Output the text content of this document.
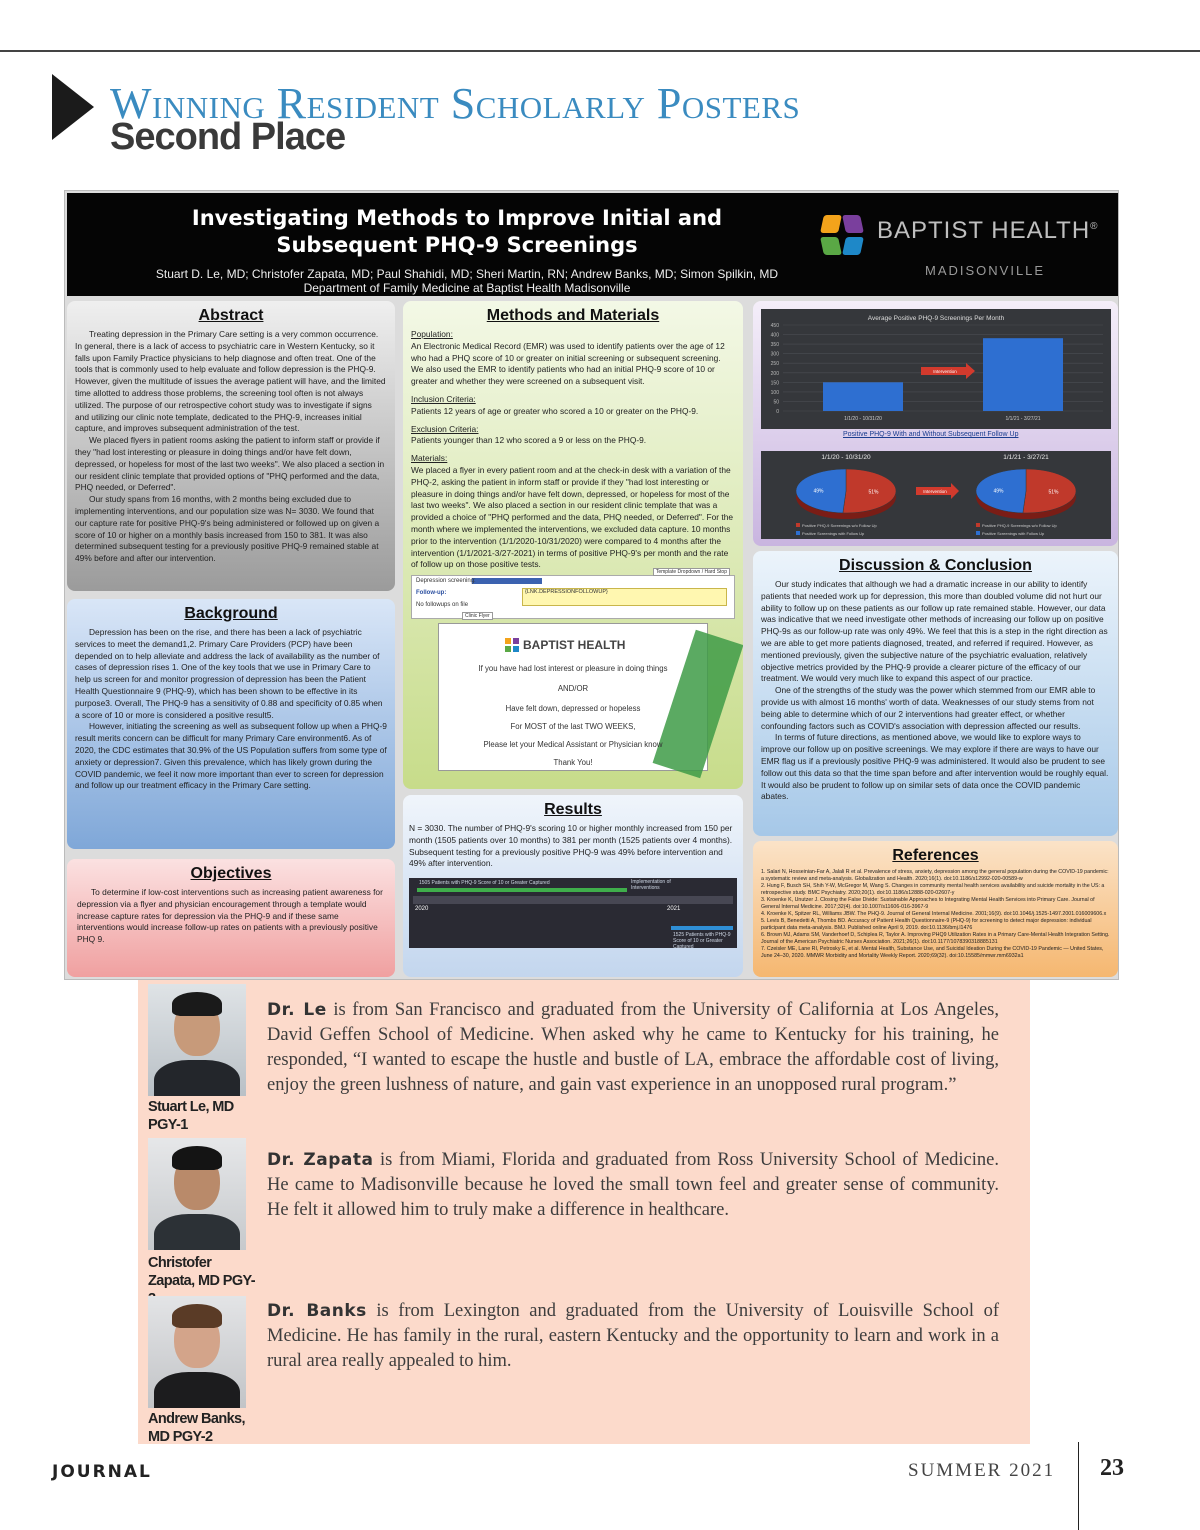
Winning Resident Scholarly Posters
Second Place
Investigating Methods to Improve Initial and Subsequent PHQ-9 Screenings
Stuart D. Le, MD; Christofer Zapata, MD; Paul Shahidi, MD; Sheri Martin, RN; Andrew Banks, MD; Simon Spilkin, MD
Department of Family Medicine at Baptist Health Madisonville
BAPTIST HEALTH®
MADISONVILLE
Abstract

Treating depression in the Primary Care setting is a very common occurrence. In general, there is a lack of access to psychiatric care in Western Kentucky, so it falls upon Family Practice physicians to help diagnose and often treat. One of the tools that is commonly used to help evaluate and follow depression is the PHQ-9. However, given the multitude of issues the average patient will have, and the limited time allotted to address those problems, the screening tool often is not always utilized. The purpose of our retrospective cohort study was to investigate if signs and utilizing our clinic note template, dedicated to the PHQ-9, increases initial capture, and improves subsequent administration of the test.

We placed flyers in patient rooms asking the patient to inform staff or provide if they "had lost interesting or pleasure in doing things and/or have felt down, depressed, or hopeless for most of the last two weeks". We also placed a section in our resident clinic template that provided options of "PHQ performed and the data, PHQ needed, or Deferred".

Our study spans from 16 months, with 2 months being excluded due to implementing interventions, and our population size was N= 3030. We found that our capture rate for positive PHQ-9's being administered or followed up on given a score of 10 or higher on a monthly basis increased from 150 to 381. It was also determined subsequent testing for a previously positive PHQ-9 remained stable at 49% before and after our intervention.

Background

Depression has been on the rise, and there has been a lack of psychiatric services to meet the demand1,2. Primary Care Providers (PCP) have been depended on to help alleviate and address the lack of availability as the number of cases of depression rises 1. One of the key tools that we use in Primary Care to help us screen for and monitor progression of depression has been the Patient Health Questionnaire 9 (PHQ-9), which has been shown to be effective in its purpose3. Overall, The PHQ-9 has a sensitivity of 0.88 and specificity of 0.85 when a score of 10 or more is considered a positive result5.

However, initiating the screening as well as subsequent follow up when a PHQ-9 result merits concern can be difficult for many Primary Care environment6. As of 2020, the CDC estimates that 30.9% of the US Population suffers from some type of anxiety or depression7. Given this prevalence, which has likely grown during the COVID pandemic, we feel it now more important than ever to screen for depression and follow up our treatment efficacy in the Primary Care setting.

Objectives

To determine if low-cost interventions such as increasing patient awareness for depression via a flyer and physician encouragement through a template would increase capture rates for depression via the PHQ-9 and if these same interventions would increase follow-up rates on patients with a previously positive PHQ 9.

Methods and Materials

Population:

An Electronic Medical Record (EMR) was used to identify patients over the age of 12 who had a PHQ score of 10 or greater on initial screening or subsequent screening. We also used the EMR to identify patients who had an initial PHQ-9 score of 10 or greater and whether they were screened on a subsequent visit.

Inclusion Criteria:

Patients 12 years of age or greater who scored a 10 or greater on the PHQ-9.

Exclusion Criteria:

Patients younger than 12 who scored a 9 or less on the PHQ-9.

Materials:

We placed a flyer in every patient room and at the check-in desk with a variation of the PHQ-2, asking the patient in inform staff or provide if they "had lost interesting or pleasure in doing things and/or have felt down, depressed, or hopeless for most of the last two weeks". We also placed a section in our resident clinic template that was a provided a choice of "PHQ performed and the data, PHQ needed, or Deferred". For the month where we implemented the interventions, we excluded data capture. 10 months prior to the intervention (1/1/2020-10/31/2020) were compared to 4 months after the intervention (1/1/2021-3/27-2021) in terms of positive PHQ-9's per month and the rate of follow up on those positive tests.

{LNK.DEPRESSIONFOLLOWUP}
Depression screening:
Follow-up:
No followups on file
Template Dropdown / Hard Stop
Clinic Flyer
BAPTIST HEALTH
If you have had lost interest or pleasure in doing things
AND/OR
Have felt down, depressed or hopeless
For MOST of the last TWO WEEKS,
Please let your Medical Assistant or Physician know
Thank You!
Results

N = 3030. The number of PHQ-9's scoring 10 or higher monthly increased from 150 per month (1505 patients over 10 months) to 381 per month (1525 patients over 4 months). Subsequent testing for a previously positive PHQ-9 was 49% before intervention and 49% after intervention.

1505 Patients with PHQ-9 Score of 10 or Greater Captured	Implementation of Interventions
2020	2021
1525 Patients with PHQ-9 Score of 10 or Greater Captured
Average Positive PHQ-9 Screenings Per Month
0
50
100
150
200
250
300
350
400
450
1/1/20 - 10/31/20	1/1/21 - 3/27/21
Intervention
Positive PHQ-9 With and Without Subsequent Follow Up
1/1/20 - 10/31/20
51%
49%
Positive PHQ-9 Screenings w/o Follow Up
Positive Screenings with Follow Up
1/1/21 - 3/27/21
51%
49%
Positive PHQ-9 Screenings w/o Follow Up
Positive Screenings with Follow Up
Intervention
Discussion & Conclusion

Our study indicates that although we had a dramatic increase in our ability to identify patients that needed work up for depression, this more than doubled volume did not hurt our ability to follow up on these patients as our follow up rate remained stable. However, our data was indicative that we need investigate other methods of increasing our follow up on positive PHQ-9s as our follow-up rate was only 49%. We feel that this is a step in the right direction as we are able to get more patients diagnosed, treated, and referred if required. However, as mentioned previously, given the subjective nature of the psychiatric evaluation, relatively objective metrics provided by the PHQ-9 provide a clearer picture of the efficacy of our treatment. We would very much like to expand this aspect of our practice.

One of the strengths of the study was the power which stemmed from our EMR able to provide us with almost 16 months' worth of data. Weaknesses of our study stems from not being able to determine which of our 2 interventions had greater effect, or whether confounding factors such as COVID's association with depression affected our results.

In terms of future directions, as mentioned above, we would like to explore ways to improve our follow up on positive screenings. We may explore if there are ways to have our EMR flag us if a previously positive PHQ-9 was administered. It would also be prudent to see follow out this data so that the time span before and after intervention would be roughly equal. It would also be prudent to follow up on similar sets of data once the COVID pandemic abates.

References

1. Salari N, Hosseinian-Far A, Jalali R et al. Prevalence of stress, anxiety, depression among the general population during the COVID-19 pandemic: a systematic review and meta-analysis. Globalization and Health. 2020;16(1). doi:10.1186/s12992-020-00589-w

2. Hung F, Busch SH, Shih Y-W, McGregor M, Wang S. Changes in community mental health services availability and suicide mortality in the US: a retrospective study. BMC Psychiatry. 2020;20(1). doi:10.1186/s12888-020-02607-y

3. Kroenke K, Unutzer J. Closing the False Divide: Sustainable Approaches to Integrating Mental Health Services into Primary Care. Journal of General Internal Medicine. 2017;32(4). doi:10.1007/s11606-016-3967-9

4. Kroenke K, Spitzer RL, Williams JBW. The PHQ-9. Journal of General Internal Medicine. 2001;16(9). doi:10.1046/j.1525-1497.2001.016009606.x

5. Levis B, Benedetti A, Thombs BD. Accuracy of Patient Health Questionnaire-9 (PHQ-9) for screening to detect major depression: individual participant data meta-analysis. BMJ. Published online April 9, 2019. doi:10.1136/bmj.l1476

6. Brown MJ, Adams SM, Vanderhoef D, Schiplea R, Taylor A. Improving PHQ9 Utilization Rates in a Primary Care-Mental Health Integration Setting. Journal of the American Psychiatric Nurses Association. 2021;26(1). doi:10.1177/1078390318885131

7. Czeisler ME, Lane RI, Petrosky E, et al. Mental Health, Substance Use, and Suicidal Ideation During the COVID-19 Pandemic — United States, June 24–30, 2020. MMWR Morbidity and Mortality Weekly Report. 2020;69(32). doi:10.15585/mmwr.mm6932a1

Stuart Le, MD
PGY-1
Dr. Le is from San Francisco and graduated from the University of California at Los Angeles, David Geffen School of Medicine. When asked why he came to Kentucky for his training, he responded, “I wanted to escape the hustle and bustle of LA, embrace the affordable cost of living, enjoy the green lushness of nature, and gain vast experience in an unopposed rural program.”
Christofer
Zapata, MD PGY-
Dr. Zapata is from Miami, Florida and graduated from Ross University School of Medicine. He came to Madisonville because he loved the small town feel and greater sense of community. He felt it allowed him to truly make a difference in healthcare.
Andrew Banks,
MD PGY-2
Dr. Banks is from Lexington and graduated from the University of Louisville School of Medicine. He has family in the rural, eastern Kentucky and the opportunity to learn and work in a rural area really appealed to him.
JOURNAL	SUMMER 2021 23
